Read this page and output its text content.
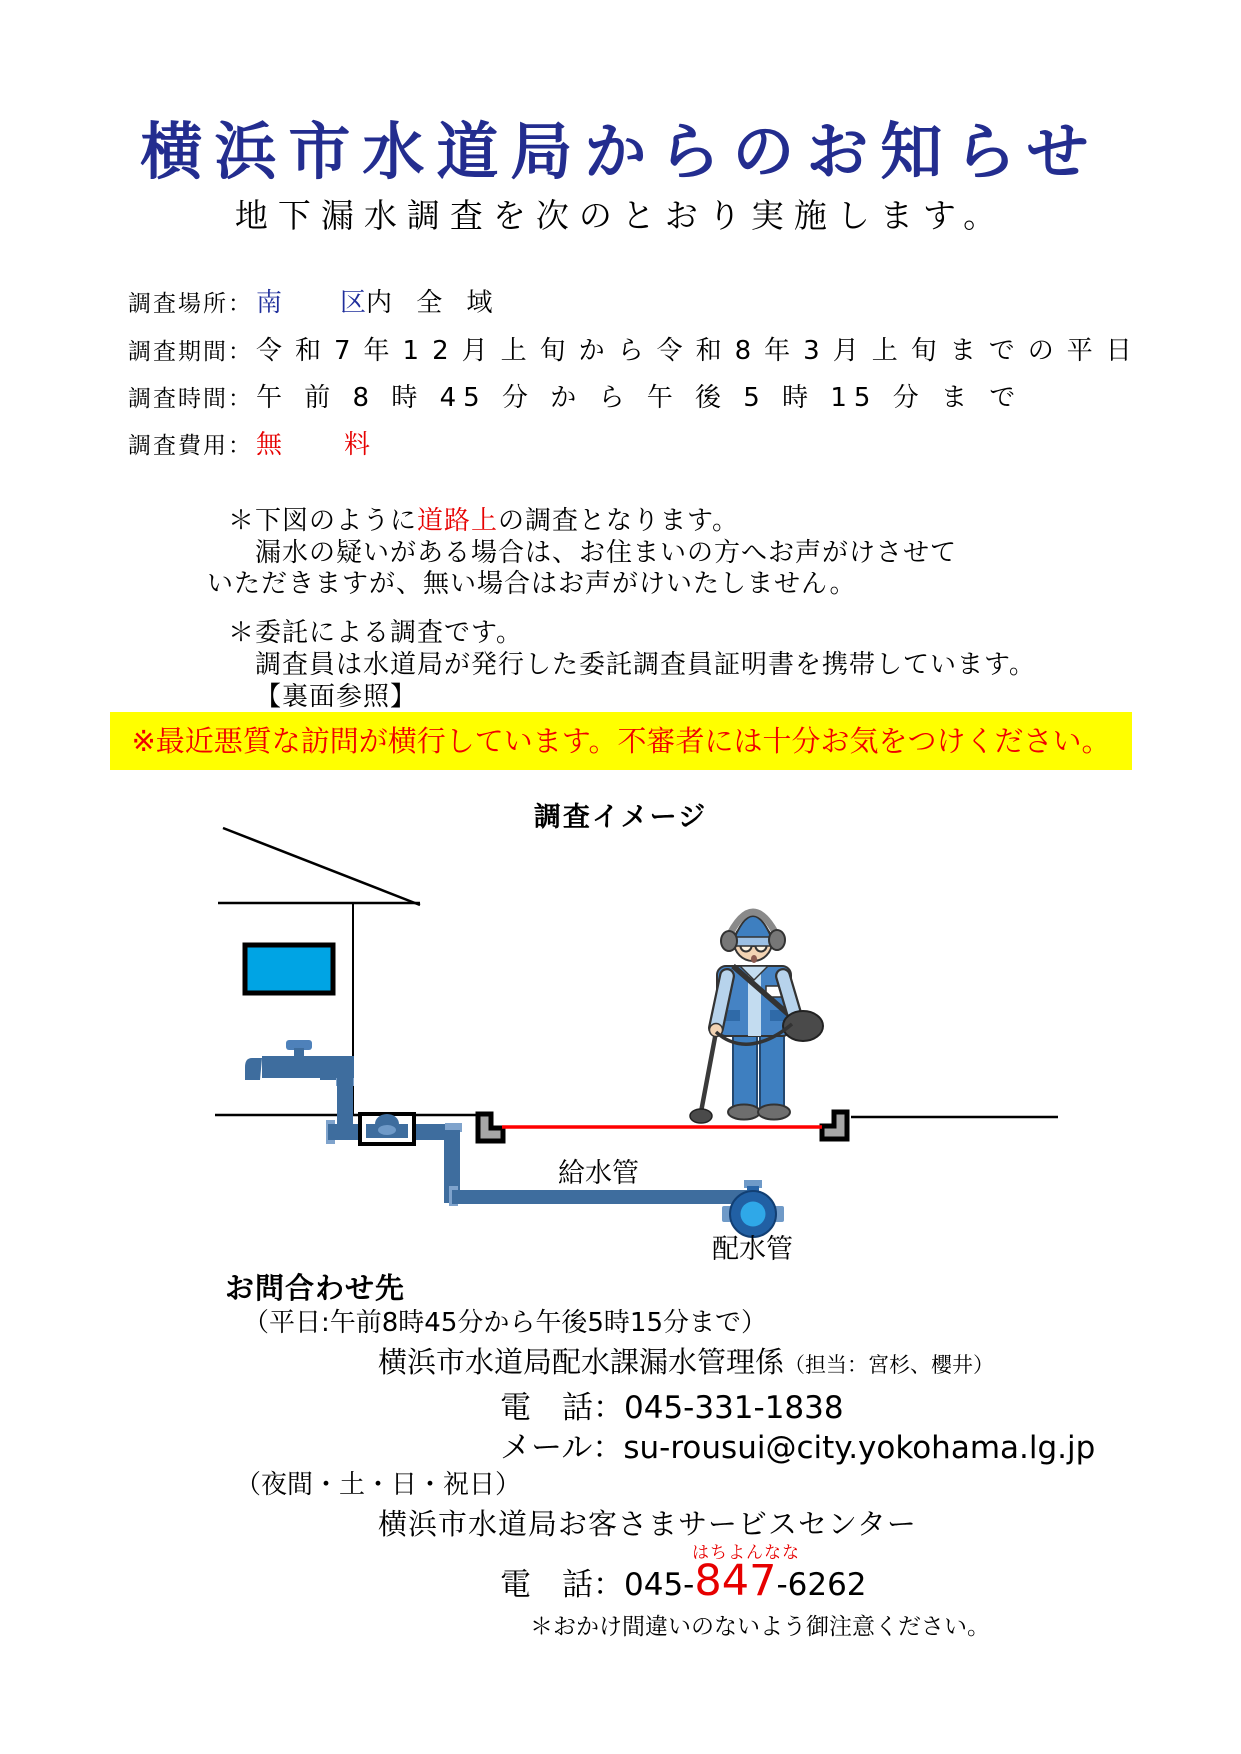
横浜市水道局からのお知らせ
地下漏水調査を次のとおり実施します。
調査場所： 南 区内 全 域
調査期間： 令和7年12月上旬から令和8年3月上旬までの平日
調査時間： 午 前 8 時 45 分 か ら 午 後 5 時 15 分 ま で
調査費用： 無 料
＊下図のように道路上の調査となります。
漏水の疑いがある場合は、お住まいの方へお声がけさせて
いただきますが、無い場合はお声がけいたしません。
＊委託による調査です。
調査員は水道局が発行した委託調査員証明書を携帯しています。
【裏面参照】
※最近悪質な訪問が横行しています。不審者には十分お気をつけください。
調査イメージ
給水管
配水管
お問合わせ先
（平日:午前8時45分から午後5時15分まで）
横浜市水道局配水課漏水管理係（担当：宮杉、櫻井）
電　話：045-331-1838
メール：su-rousui@city.yokohama.lg.jp
（夜間・土・日・祝日）
横浜市水道局お客さまサービスセンター
はちよんなな
電　話：045-847-6262
＊おかけ間違いのないよう御注意ください。
